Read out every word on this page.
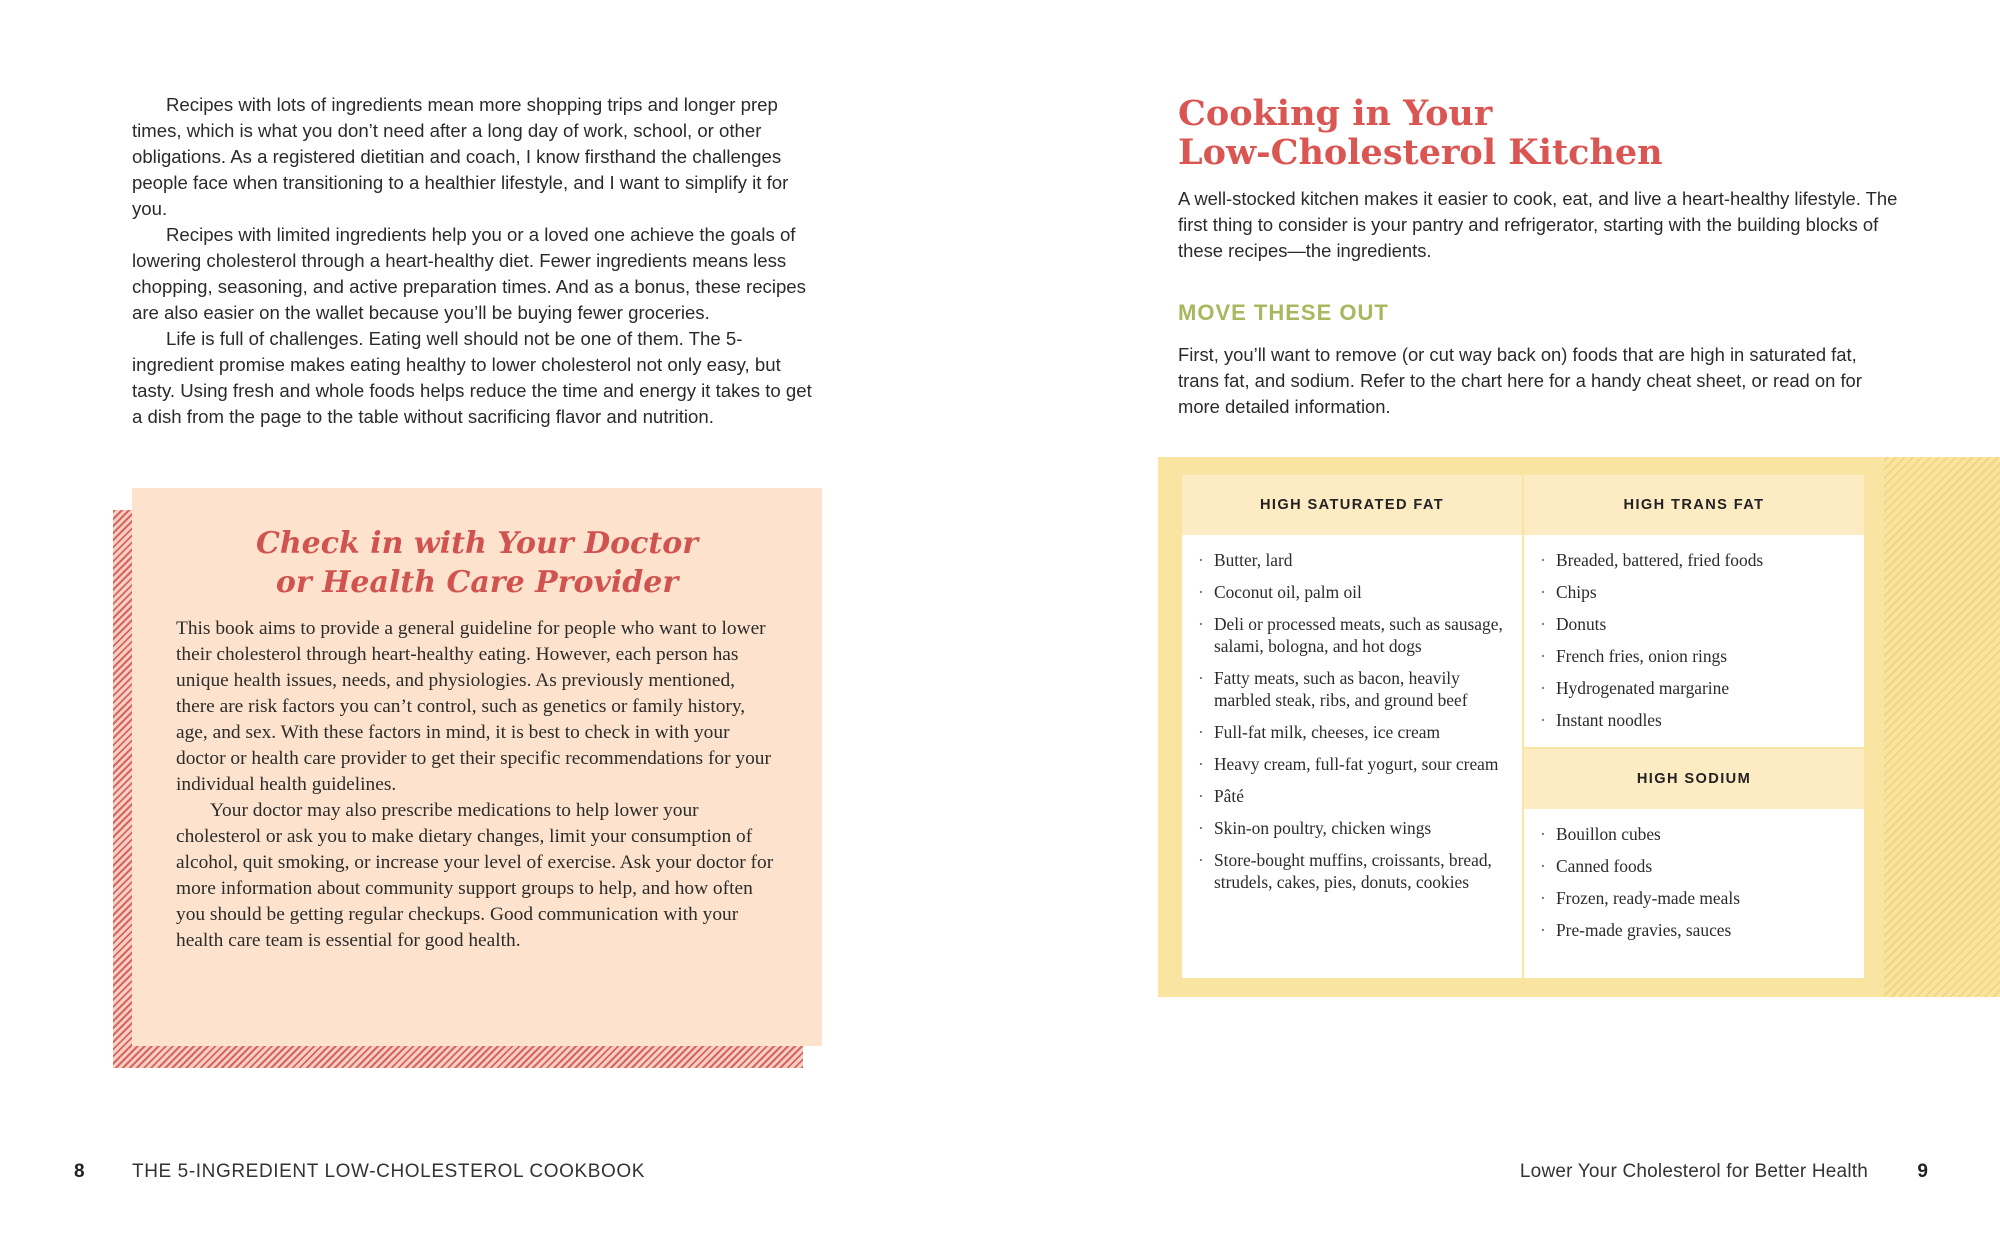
Recipes with lots of ingredients mean more shopping trips and longer prep times, which is what you don’t need after a long day of work, school, or other obligations. As a registered dietitian and coach, I know firsthand the challenges people face when transitioning to a healthier lifestyle, and I want to simplify it for you.

Recipes with limited ingredients help you or a loved one achieve the goals of lowering cholesterol through a heart-healthy diet. Fewer ingredients means less chopping, seasoning, and active preparation times. And as a bonus, these recipes are also easier on the wallet because you’ll be buying fewer groceries.

Life is full of challenges. Eating well should not be one of them. The 5-ingredient promise makes eating healthy to lower cholesterol not only easy, but tasty. Using fresh and whole foods helps reduce the time and energy it takes to get a dish from the page to the table without sacrificing flavor and nutrition.

Check in with Your Doctor
or Health Care Provider

This book aims to provide a general guideline for people who want to lower their cholesterol through heart-healthy eating. However, each person has unique health issues, needs, and physiologies. As previously mentioned, there are risk factors you can’t control, such as genetics or family history, age, and sex. With these factors in mind, it is best to check in with your doctor or health care provider to get their specific recommendations for your individual health guidelines.

Your doctor may also prescribe medications to help lower your cholesterol or ask you to make dietary changes, limit your consumption of alcohol, quit smoking, or increase your level of exercise. Ask your doctor for more information about community support groups to help, and how often you should be getting regular checkups. Good communication with your health care team is essential for good health.

8 THE 5-INGREDIENT LOW-CHOLESTEROL COOKBOOK
Cooking in Your
Low-Cholesterol Kitchen

A well-stocked kitchen makes it easier to cook, eat, and live a heart-healthy lifestyle. The first thing to consider is your pantry and refrigerator, starting with the building blocks of these recipes—the ingredients.

MOVE THESE OUT

First, you’ll want to remove (or cut way back on) foods that are high in saturated fat, trans fat, and sodium. Refer to the chart here for a handy cheat sheet, or read on for more detailed information.

HIGH SATURATED FAT
· Butter, lard
· Coconut oil, palm oil
· Deli or processed meats, such as sausage, salami, bologna, and hot dogs
· Fatty meats, such as bacon, heavily marbled steak, ribs, and ground beef
· Full-fat milk, cheeses, ice cream
· Heavy cream, full-fat yogurt, sour cream
· Pâté
· Skin-on poultry, chicken wings
· Store-bought muffins, croissants, bread, strudels, cakes, pies, donuts, cookies
HIGH TRANS FAT
· Breaded, battered, fried foods
· Chips
· Donuts
· French fries, onion rings
· Hydrogenated margarine
· Instant noodles
HIGH SODIUM
· Bouillon cubes
· Canned foods
· Frozen, ready-made meals
· Pre-made gravies, sauces
Lower Your Cholesterol for Better Health	9
